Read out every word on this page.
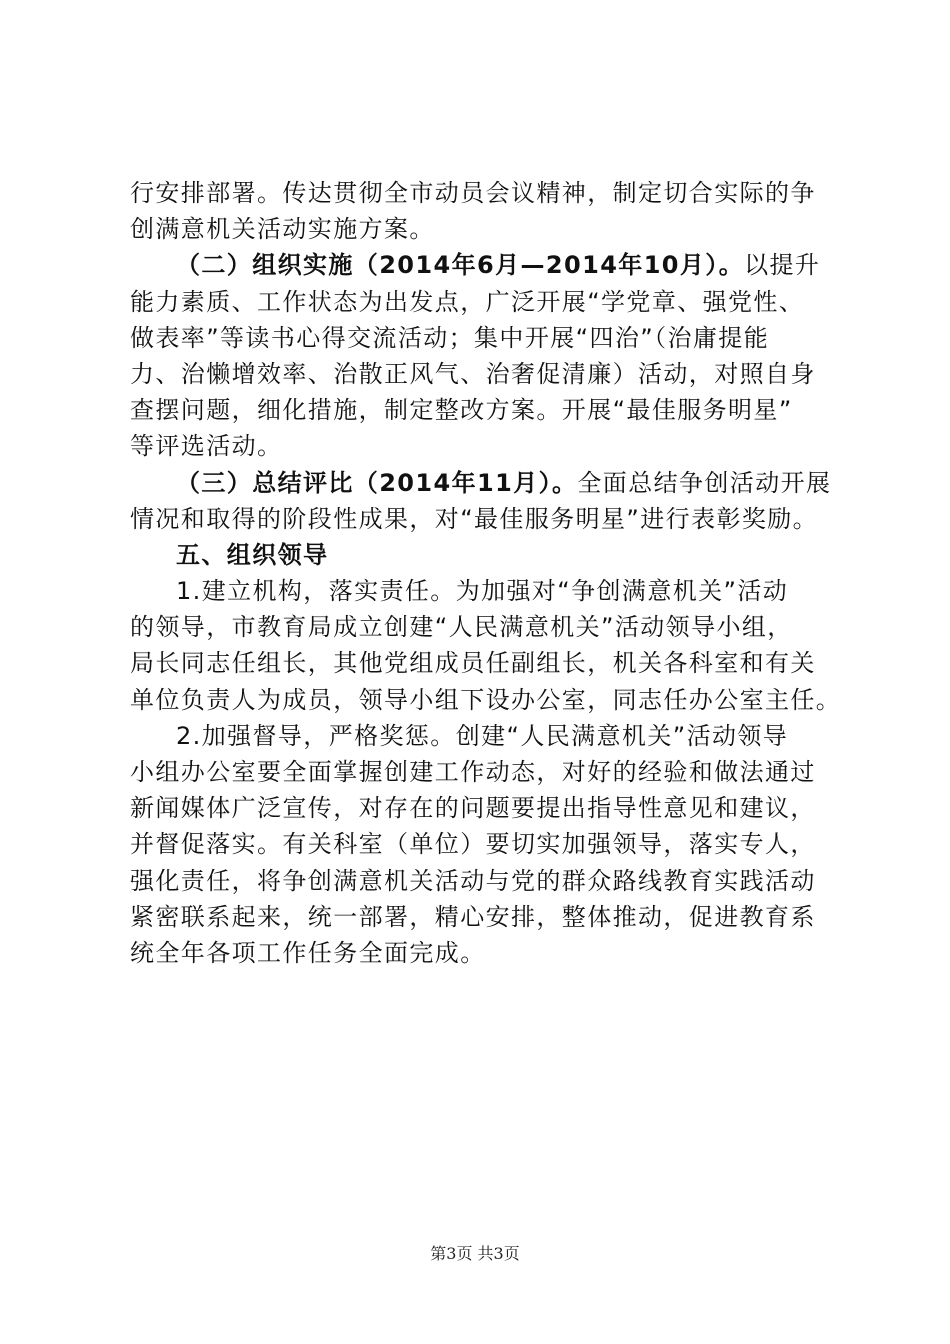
行安排部署。传达贯彻全市动员会议精神，制定切合实际的争
创满意机关活动实施方案。
（二）组织实施（2014年6月—2014年10月）。以提升
能力素质、工作状态为出发点，广泛开展“学党章、强党性、
做表率”等读书心得交流活动；集中开展“四治”（治庸提能
力、治懒增效率、治散正风气、治奢促清廉）活动，对照自身
查摆问题，细化措施，制定整改方案。开展“最佳服务明星”
等评选活动。
（三）总结评比（2014年11月）。全面总结争创活动开展
情况和取得的阶段性成果，对“最佳服务明星”进行表彰奖励。
五、组织领导
1.建立机构，落实责任。为加强对“争创满意机关”活动
的领导，市教育局成立创建“人民满意机关”活动领导小组，
局长同志任组长，其他党组成员任副组长，机关各科室和有关
单位负责人为成员，领导小组下设办公室，同志任办公室主任。
2.加强督导，严格奖惩。创建“人民满意机关”活动领导
小组办公室要全面掌握创建工作动态，对好的经验和做法通过
新闻媒体广泛宣传，对存在的问题要提出指导性意见和建议，
并督促落实。有关科室（单位）要切实加强领导，落实专人，
强化责任，将争创满意机关活动与党的群众路线教育实践活动
紧密联系起来，统一部署，精心安排，整体推动，促进教育系
统全年各项工作任务全面完成。
第3页 共3页
